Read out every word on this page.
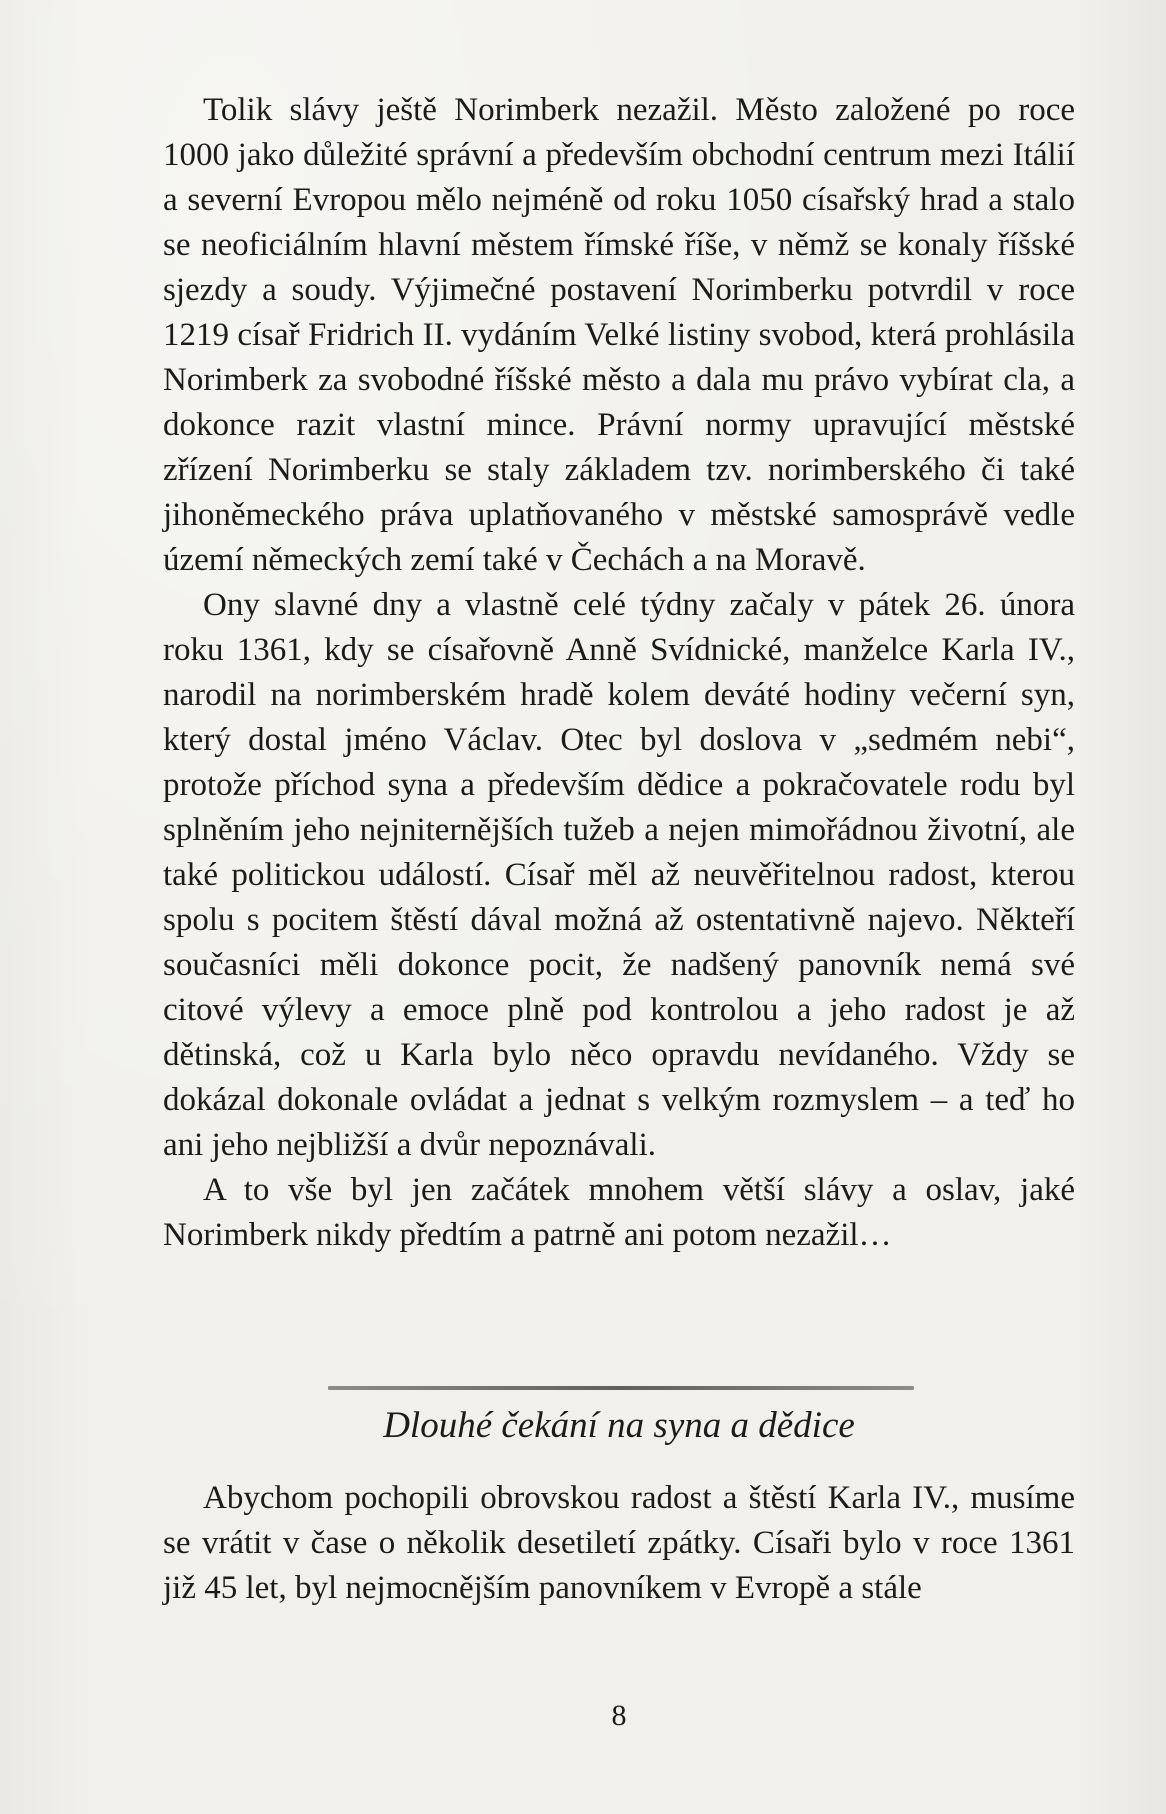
Tolik slávy ještě Norimberk nezažil. Město založené po roce 1000 jako důležité správní a především obchodní centrum mezi Itálií a severní Evropou mělo nejméně od roku 1050 císařský hrad a stalo se neoficiálním hlavní městem římské říše, v němž se konaly říšské sjezdy a soudy. Výjimečné postavení Norimberku potvrdil v roce 1219 císař Fridrich II. vydáním Velké listiny svobod, která prohlásila Norimberk za svobodné říšské město a dala mu právo vybírat cla, a dokonce razit vlastní mince. Právní normy upravující městské zřízení Norimberku se staly základem tzv. norimberského či také jihoněmeckého práva uplatňovaného v městské samosprávě vedle území německých zemí také v Čechách a na Moravě.

Ony slavné dny a vlastně celé týdny začaly v pátek 26. února roku 1361, kdy se císařovně Anně Svídnické, manželce Karla IV., narodil na norimberském hradě kolem deváté hodiny večerní syn, který dostal jméno Václav. Otec byl doslova v „sedmém nebi“, protože příchod syna a především dědice a pokračovatele rodu byl splněním jeho nejniternějších tužeb a nejen mimořádnou životní, ale také politickou událostí. Císař měl až neuvěřitelnou radost, kterou spolu s pocitem štěstí dával možná až ostentativně najevo. Někteří současníci měli dokonce pocit, že nadšený panovník nemá své citové výlevy a emoce plně pod kontrolou a jeho radost je až dětinská, což u Karla bylo něco opravdu nevídaného. Vždy se dokázal dokonale ovládat a jednat s velkým rozmyslem – a teď ho ani jeho nejbližší a dvůr nepoznávali.

A to vše byl jen začátek mnohem větší slávy a oslav, jaké Norimberk nikdy předtím a patrně ani potom nezažil…

Dlouhé čekání na syna a dědice

Abychom pochopili obrovskou radost a štěstí Karla IV., musíme se vrátit v čase o několik desetiletí zpátky. Císaři bylo v roce 1361 již 45 let, byl nejmocnějším panovníkem v Evropě a stále

8
